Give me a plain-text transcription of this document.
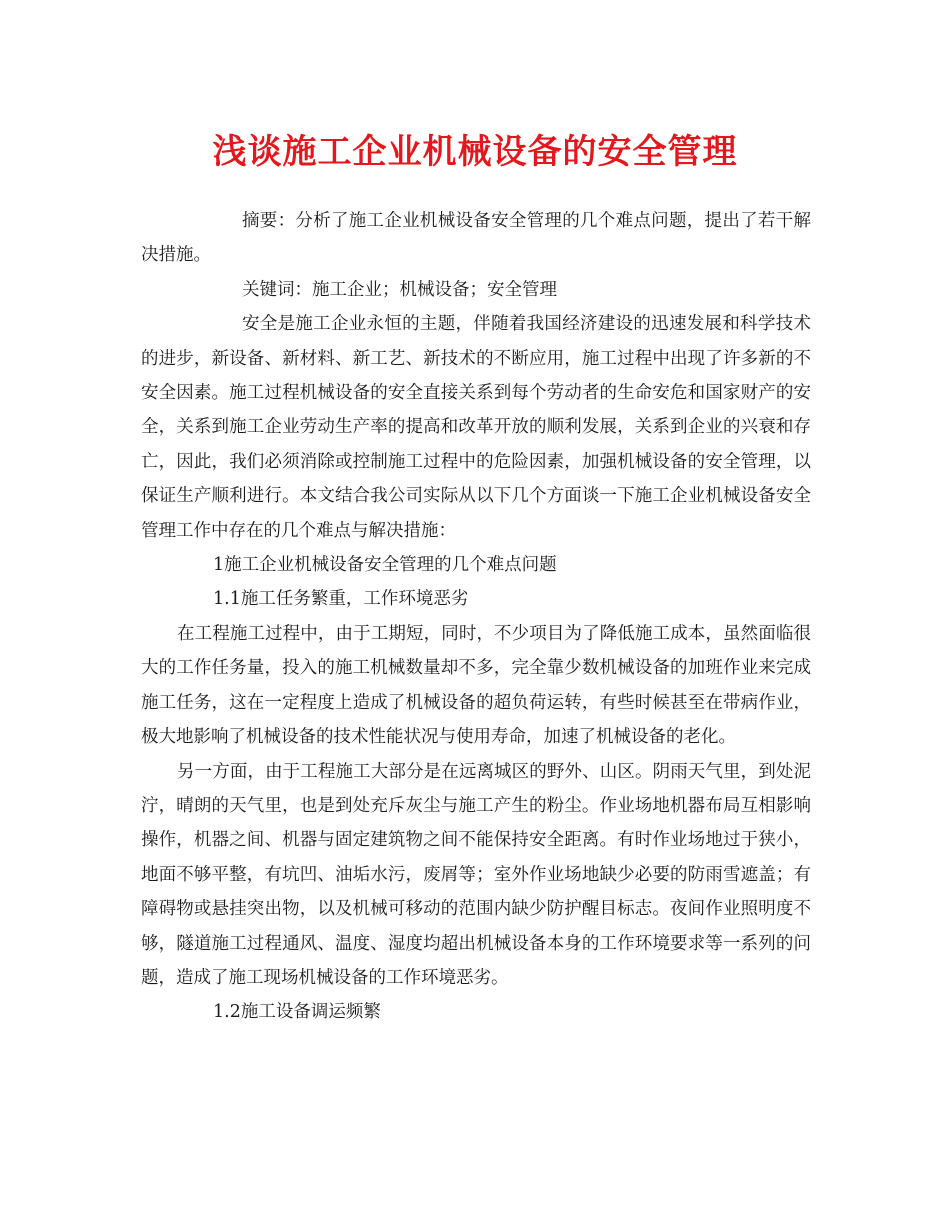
浅谈施工企业机械设备的安全管理

摘要：分析了施工企业机械设备安全管理的几个难点问题，提出了若干解决措施。

关键词：施工企业；机械设备；安全管理

安全是施工企业永恒的主题，伴随着我国经济建设的迅速发展和科学技术的进步，新设备、新材料、新工艺、新技术的不断应用，施工过程中出现了许多新的不安全因素。施工过程机械设备的安全直接关系到每个劳动者的生命安危和国家财产的安全，关系到施工企业劳动生产率的提高和改革开放的顺利发展，关系到企业的兴衰和存亡，因此，我们必须消除或控制施工过程中的危险因素，加强机械设备的安全管理，以保证生产顺利进行。本文结合我公司实际从以下几个方面谈一下施工企业机械设备安全管理工作中存在的几个难点与解决措施：

1施工企业机械设备安全管理的几个难点问题

1.1施工任务繁重，工作环境恶劣

在工程施工过程中，由于工期短，同时，不少项目为了降低施工成本，虽然面临很大的工作任务量，投入的施工机械数量却不多，完全靠少数机械设备的加班作业来完成施工任务，这在一定程度上造成了机械设备的超负荷运转，有些时候甚至在带病作业，极大地影响了机械设备的技术性能状况与使用寿命，加速了机械设备的老化。

另一方面，由于工程施工大部分是在远离城区的野外、山区。阴雨天气里，到处泥泞，晴朗的天气里，也是到处充斥灰尘与施工产生的粉尘。作业场地机器布局互相影响操作，机器之间、机器与固定建筑物之间不能保持安全距离。有时作业场地过于狭小，地面不够平整，有坑凹、油垢水污，废屑等；室外作业场地缺少必要的防雨雪遮盖；有障碍物或悬挂突出物，以及机械可移动的范围内缺少防护醒目标志。夜间作业照明度不够，隧道施工过程通风、温度、湿度均超出机械设备本身的工作环境要求等一系列的问题，造成了施工现场机械设备的工作环境恶劣。

1.2施工设备调运频繁
